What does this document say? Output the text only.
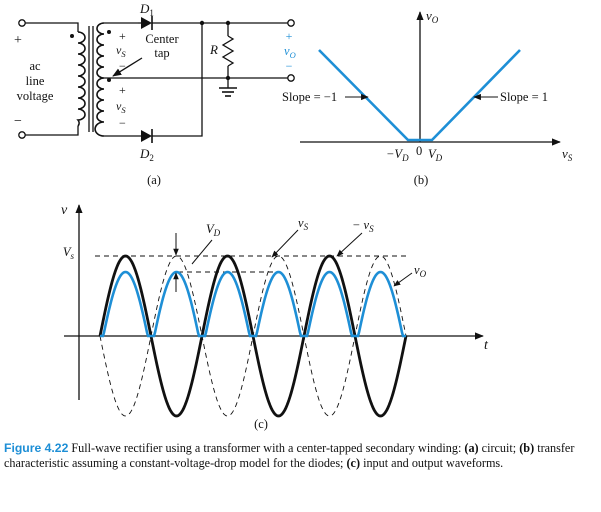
+
−
ac
line
voltage
$D_1$
$D_2$
+
$v_S$
−
+
$v_S$
−
Center
tap	R
+
$v_O$
−
(a)
Slope = −1	Slope = 1
$v_O$
$v_S$
$-V_D$ 0 $V_D$
(b)
v
t
$V_s$
$V_D$
$v_S$	− $v_S$
$v_O$
(c)
Figure 4.22 Full-wave rectifier using a transformer with a center-tapped secondary winding: (a) circuit; (b) transfer characteristic assuming a constant-voltage-drop model for the diodes; (c) input and output waveforms.
